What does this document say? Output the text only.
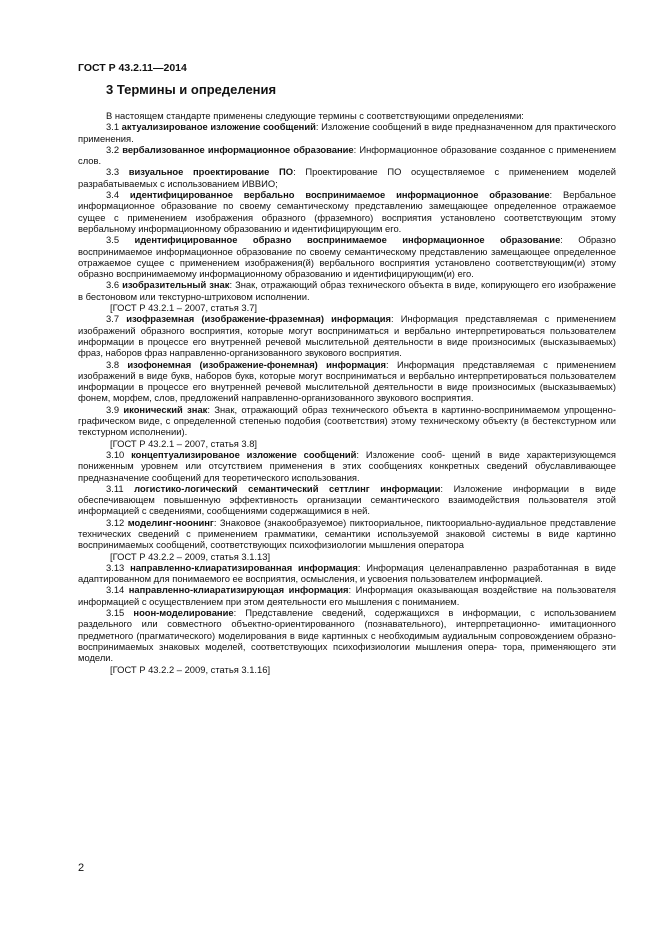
ГОСТ Р 43.2.11—2014
3 Термины и определения

В настоящем стандарте применены следующие термины с соответствующими определениями:

3.1 актуализированое изложение сообщений: Изложение сообщений в виде предназначенном для практического применения.

3.2 вербализованное информационное образование: Информационное образование созданное с применением слов.

3.3 визуальное проектирование ПО: Проектирование ПО осуществляемое с применением моделей разрабатываемых с использованием ИВВИО;

3.4 идентифицированное вербально воспринимаемое информационное образование: Вербальное информационное образование по своему семантическому представлению замещающее определенное отражаемое сущее с применением изображения образного (фраземного) восприятия установлено соответствующим этому вербальному информационному образованию и идентифицирующим его.

3.5 идентифицированное образно воспринимаемое информационное образование: Образно воспринимаемое информационное образование по своему семантическому представлению замещающее определенное отражаемое сущее с применением изображения(й) вербального восприятия установлено соответствующим(и) этому образно воспринимаемому информационному образованию и идентифицирующим(и) его.

3.6 изобразительный знак: Знак, отражающий образ технического объекта в виде, копирующего его изображение в бестоновом или текстурно-штриховом исполнении.

[ГОСТ Р 43.2.1 – 2007, статья 3.7]

3.7 изофраземная (изображение-фраземная) информация: Информация представляемая с применением изображений образного восприятия, которые могут восприниматься и вербально интерпретироваться пользователем информации в процессе его внутренней речевой мыслительной деятельности в виде произносимых (высказываемых) фраз, наборов фраз направленно-организованного звукового восприятия.

3.8 изофонемная (изображение-фонемная) информация: Информация представляемая с применением изображений в виде букв, наборов букв, которые могут восприниматься и вербально интерпретироваться пользователем информации в процессе его внутренней речевой мыслительной деятельности в виде произносимых (высказываемых) фонем, морфем, слов, предложений направленно-организованного звукового восприятия.

3.9 иконический знак: Знак, отражающий образ технического объекта в картинно-воспринимаемом упрощенно-графическом виде, с определенной степенью подобия (соответствия) этому техническому объекту (в бестекстурном или текстурном исполнении).

[ГОСТ Р 43.2.1 – 2007, статья 3.8]

3.10 концептуализированое изложение сообщений: Изложение сооб- щений в виде характеризующемся пониженным уровнем или отсутствием применения в этих сообщениях конкретных сведений обуславливающее предназначение сообщений для теоретического использования.

3.11 логистико-логический семантический сеттлинг информации: Изложение информации в виде обеспечивающем повышенную эффективность организации семантического взаимодействия пользователя этой информацией с сведениями, сообщениями содержащимися в ней.

3.12 моделинг-ноонинг: Знаковое (знакообразуемое) пиктоориальное, пиктоориально-аудиальное представление технических сведений с применением грамматики, семантики используемой знаковой системы в виде картинно воспринимаемых сообщений, соответствующих психофизиологии мышления оператора

[ГОСТ Р 43.2.2 – 2009, статья 3.1.13]

3.13 направленно-клиаратизированная информация: Информация целенаправленно разработанная в виде адаптированном для понимаемого ее восприятия, осмысления, и усвоения пользователем информацией.

3.14 направленно-клиаратизирующая информация: Информация оказывающая воздействие на пользователя информацией с осуществлением при этом деятельности его мышления с пониманием.

3.15 ноон-моделирование: Представление сведений, содержащихся в информации, с использованием раздельного или совместного объектно-ориентированного (познавательного), интерпретационно- имитационного предметного (прагматического) моделирования в виде картинных с необходимым аудиальным сопровождением образно-воспринимаемых знаковых моделей, соответствующих психофизиологии мышления опера- тора, применяющего эти модели.

[ГОСТ Р 43.2.2 – 2009, статья 3.1.16]

2
